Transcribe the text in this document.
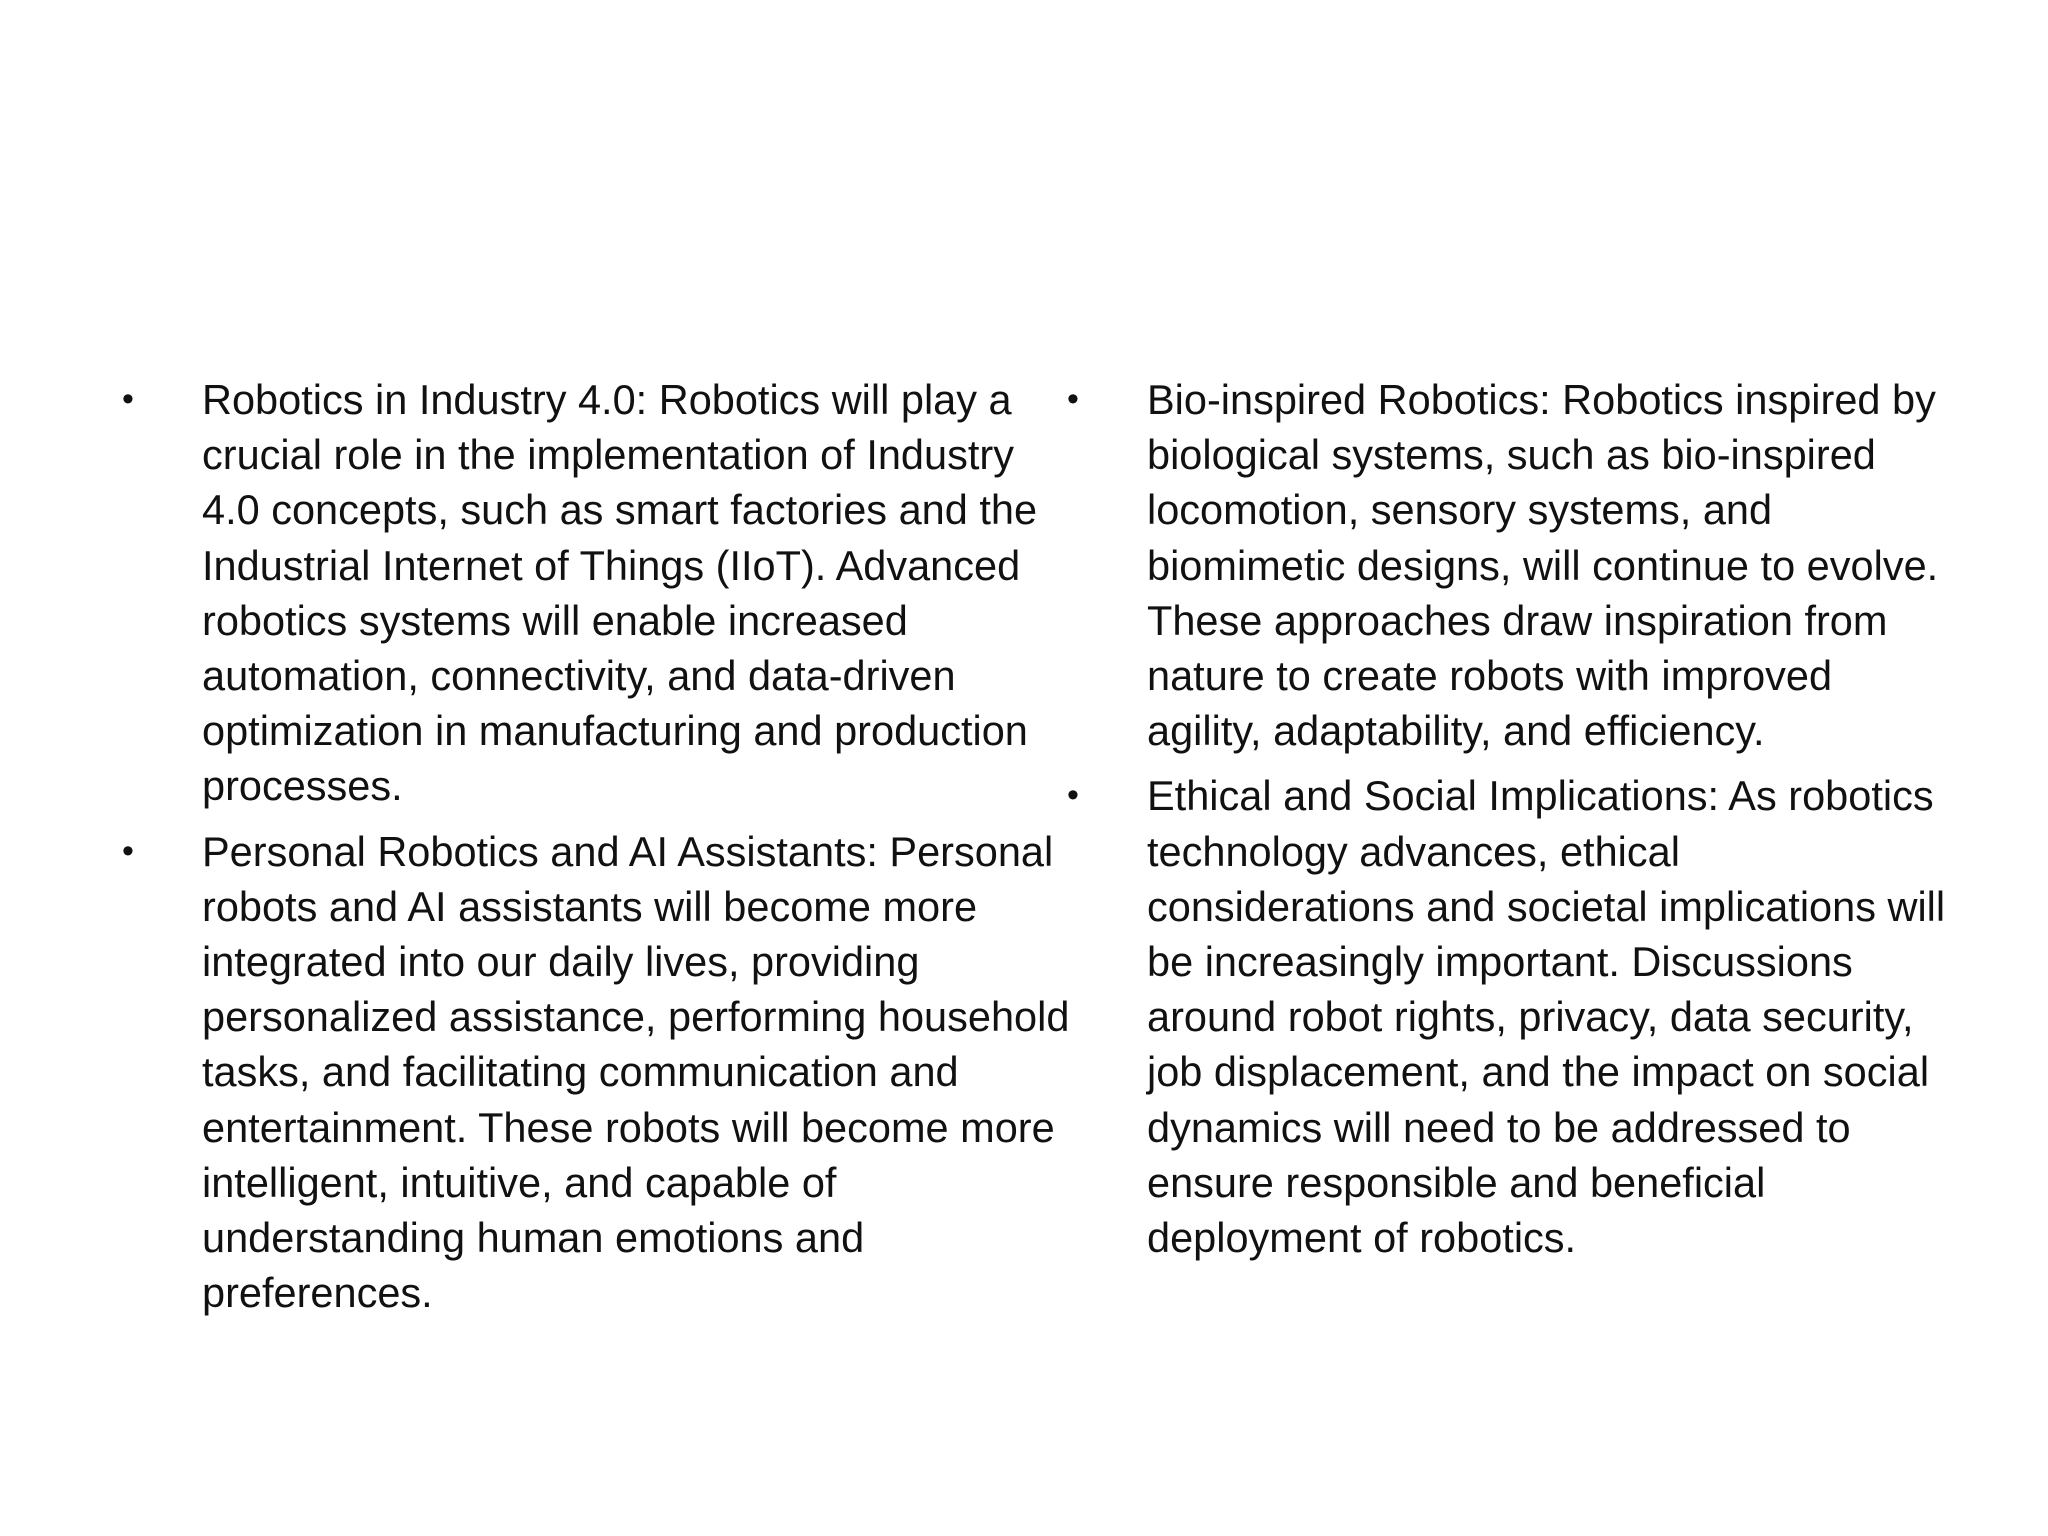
•	Robotics in Industry 4.0: Robotics will play a crucial role in the implementation of Industry 4.0 concepts, such as smart factories and the Industrial Internet of Things (IIoT). Advanced robotics systems will enable increased automation, connectivity, and data-driven optimization in manufacturing and production processes.
•	Personal Robotics and AI Assistants: Personal robots and AI assistants will become more integrated into our daily lives, providing personalized assistance, performing household tasks, and facilitating communication and entertainment. These robots will become more intelligent, intuitive, and capable of understanding human emotions and preferences.
•	Bio-inspired Robotics: Robotics inspired by biological systems, such as bio-inspired locomotion, sensory systems, and biomimetic designs, will continue to evolve. These approaches draw inspiration from nature to create robots with improved agility, adaptability, and efficiency.
•	Ethical and Social Implications: As robotics technology advances, ethical considerations and societal implications will be increasingly important. Discussions around robot rights, privacy, data security, job displacement, and the impact on social dynamics will need to be addressed to ensure responsible and beneficial deployment of robotics.
